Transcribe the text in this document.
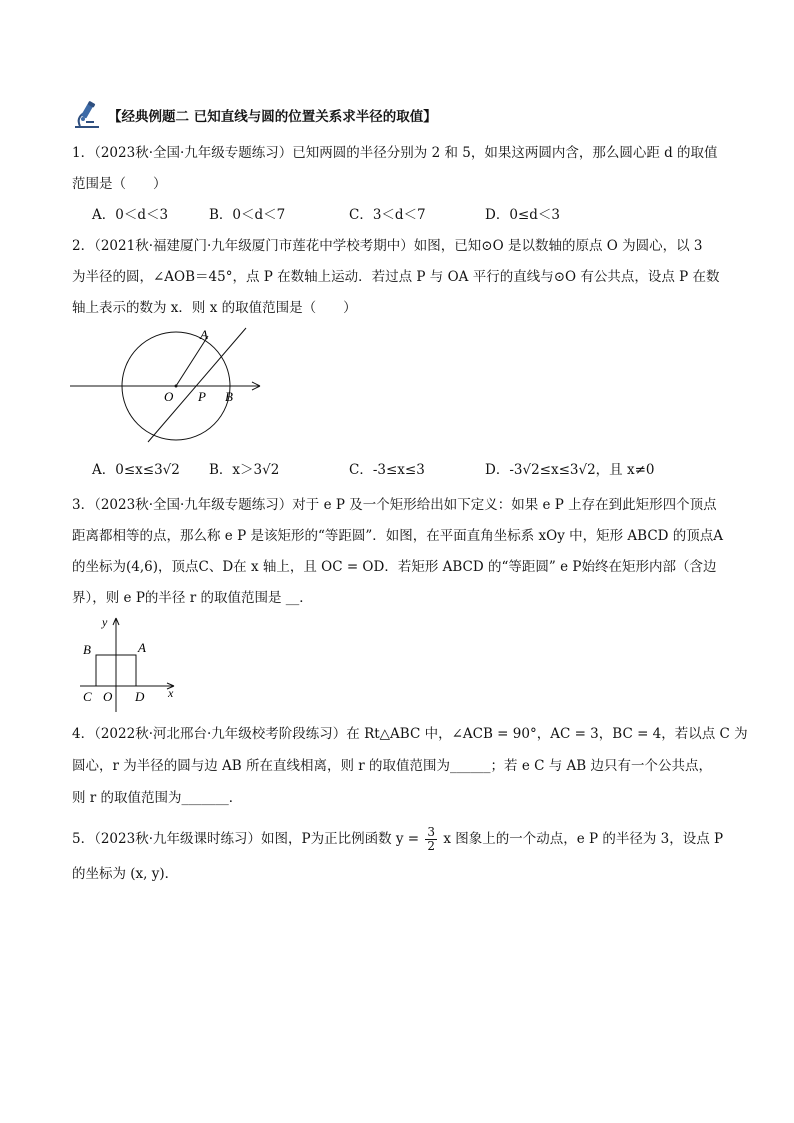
【经典例题二 已知直线与圆的位置关系求半径的取值】
1．（2023秋·全国·九年级专题练习）已知两圆的半径分别为 2 和 5，如果这两圆内含，那么圆心距 d 的取值
范围是（　　）
A．0＜d＜3	B．0＜d＜7	C．3＜d＜7	D．0≤d＜3
2．（2021秋·福建厦门·九年级厦门市莲花中学校考期中）如图，已知⊙O 是以数轴的原点 O 为圆心，以 3
为半径的圆，∠AOB＝45°，点 P 在数轴上运动．若过点 P 与 OA 平行的直线与⊙O 有公共点，设点 P 在数
轴上表示的数为 x．则 x 的取值范围是（　　）
A
O P B
A．0≤x≤3√2 B．x＞3√2	C．-3≤x≤3	D．-3√2≤x≤3√2，且 x≠0
3．（2023秋·全国·九年级专题练习）对于 e P 及一个矩形给出如下定义：如果 e P 上存在到此矩形四个顶点
距离都相等的点，那么称 e P 是该矩形的“等距圆”．如图，在平面直角坐标系 xOy 中，矩形 ABCD 的顶点A
的坐标为(4,6)，顶点C、D在 x 轴上，且 OC = OD．若矩形 ABCD 的“等距圆” e P始终在矩形内部（含边
界），则 e P的半径 r 的取值范围是 __．
y
B	A
C O D x
4．（2022秋·河北邢台·九年级校考阶段练习）在 Rt△ABC 中，∠ACB = 90°，AC = 3，BC = 4，若以点 C 为
圆心，r 为半径的圆与边 AB 所在直线相离，则 r 的取值范围为______；若 e C 与 AB 边只有一个公共点，
则 r 的取值范围为_______．
5．（2023秋·九年级课时练习）如图，P为正比例函数 $y = \frac{3}{2}$ x 图象上的一个动点，e P 的半径为 3，设点 P
的坐标为 (x, y)．
